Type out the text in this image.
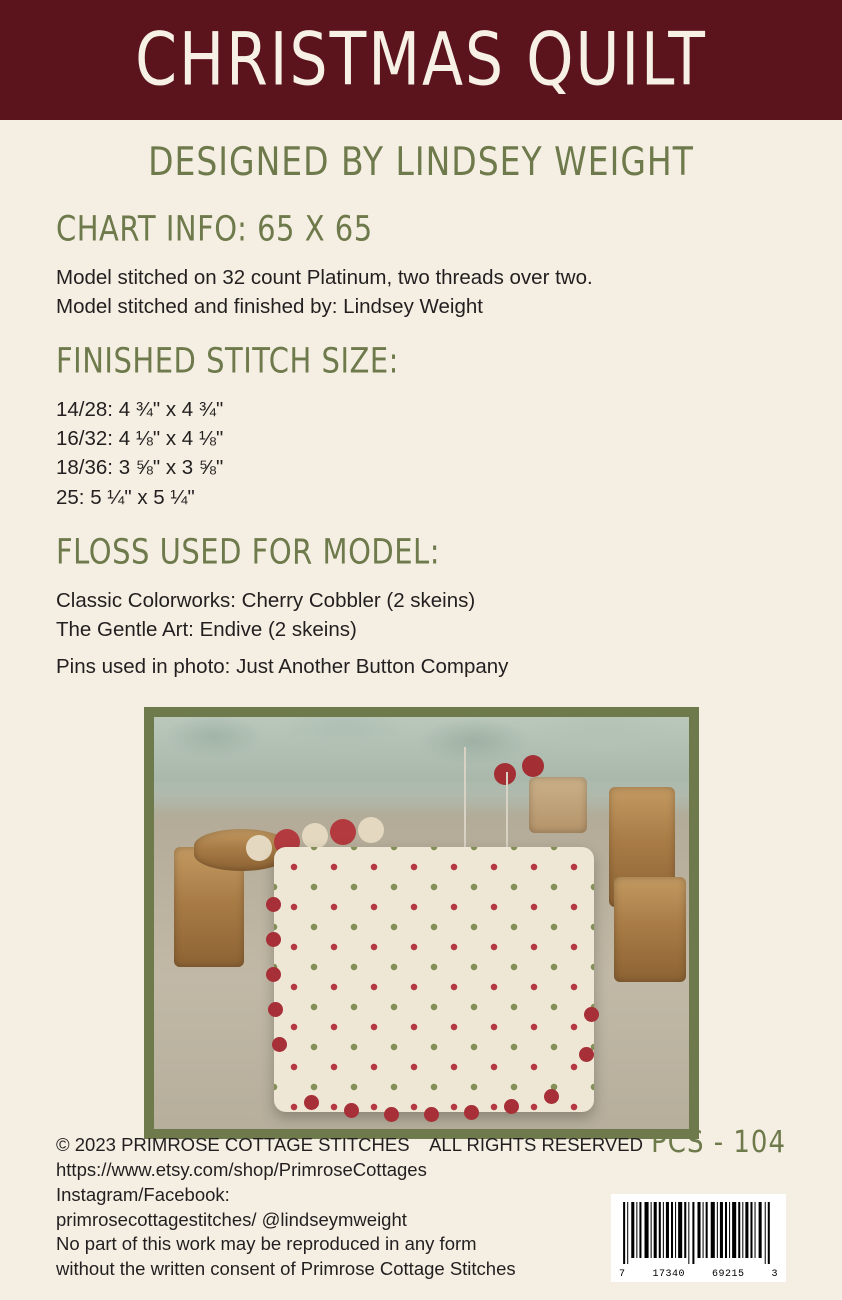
CHRISTMAS QUILT
DESIGNED BY LINDSEY WEIGHT
CHART INFO: 65 X 65

Model stitched on 32 count Platinum, two threads over two.

Model stitched and finished by: Lindsey Weight

FINISHED STITCH SIZE:

14/28: 4 ¾" x 4 ¾"

16/32: 4 ⅛" x 4 ⅛"

18/36: 3 ⅝" x 3 ⅝"

25: 5 ¼" x 5 ¼"

FLOSS USED FOR MODEL:

Classic Colorworks: Cherry Cobbler (2 skeins)

The Gentle Art: Endive (2 skeins)

Pins used in photo: Just Another Button Company

© 2023 PRIMROSE COTTAGE STITCHES    ALL RIGHTS RESERVED PCS - 104
https://www.etsy.com/shop/PrimroseCottages
Instagram/Facebook:
primrosecottagestitches/ @lindseymweight
No part of this work may be reproduced in any form
without the written consent of Primrose Cottage Stitches	7	17340	69215	3
